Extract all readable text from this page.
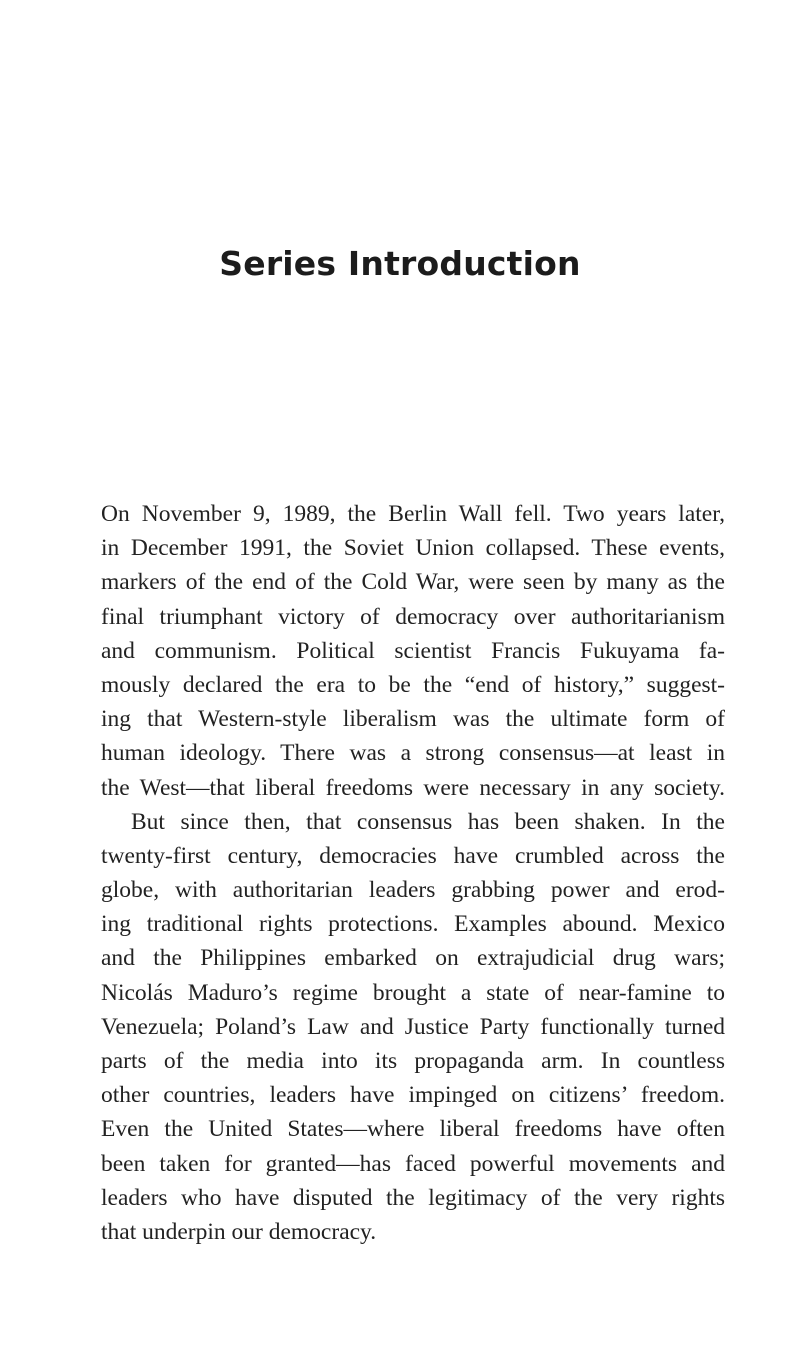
Series Introduction
On November 9, 1989, the Berlin Wall fell. Two years later,
in December 1991, the Soviet Union collapsed. These events,
markers of the end of the Cold War, were seen by many as the
final triumphant victory of democracy over authoritarianism
and communism. Political scientist Francis Fukuyama fa-
mously declared the era to be the “end of history,” suggest-
ing that Western-style liberalism was the ultimate form of
human ideology. There was a strong consensus—at least in
the West—that liberal freedoms were necessary in any society.
But since then, that consensus has been shaken. In the
twenty-first century, democracies have crumbled across the
globe, with authoritarian leaders grabbing power and erod-
ing traditional rights protections. Examples abound. Mexico
and the Philippines embarked on extrajudicial drug wars;
Nicolás Maduro’s regime brought a state of near-famine to
Venezuela; Poland’s Law and Justice Party functionally turned
parts of the media into its propaganda arm. In countless
other countries, leaders have impinged on citizens’ freedom.
Even the United States—where liberal freedoms have often
been taken for granted—has faced powerful movements and
leaders who have disputed the legitimacy of the very rights
that underpin our democracy.
